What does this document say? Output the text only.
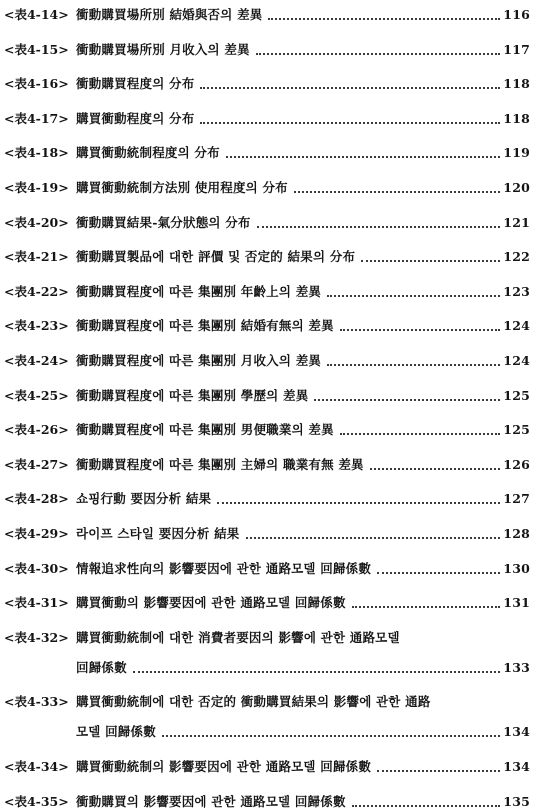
<表4-14> 衝動購買場所別 結婚與否의 差異	116
<表4-15> 衝動購買場所別 月收入의 差異	117
<表4-16> 衝動購買程度의 分布	118
<表4-17> 購買衝動程度의 分布	118
<表4-18> 購買衝動統制程度의 分布	119
<表4-19> 購買衝動統制方法別 使用程度의 分布	120
<表4-20> 衝動購買結果-氣分狀態의 分布	121
<表4-21> 衝動購買製品에 대한 評價 및 否定的 結果의 分布	122
<表4-22> 衝動購買程度에 따른 集團別 年齡上의 差異	123
<表4-23> 衝動購買程度에 따른 集團別 結婚有無의 差異	124
<表4-24> 衝動購買程度에 따른 集團別 月收入의 差異	124
<表4-25> 衝動購買程度에 따른 集團別 學歷의 差異	125
<表4-26> 衝動購買程度에 따른 集團別 男便職業의 差異	125
<表4-27> 衝動購買程度에 따른 集團別 主婦의 職業有無 差異	126
<表4-28> 쇼핑行動 要因分析 結果	127
<表4-29> 라이프 스타일 要因分析 結果	128
<表4-30> 情報追求性向의 影響要因에 관한 通路모델 回歸係數	130
<表4-31> 購買衝動의 影響要因에 관한 通路모델 回歸係數	131
<表4-32> 購買衝動統制에 대한 消費者要因의 影響에 관한 通路모델
回歸係數	133
<表4-33> 購買衝動統制에 대한 否定的 衝動購買結果의 影響에 관한 通路
모델 回歸係數	134
<表4-34> 購買衝動統制의 影響要因에 관한 通路모델 回歸係數	134
<表4-35> 衝動購買의 影響要因에 관한 通路모델 回歸係數	135
